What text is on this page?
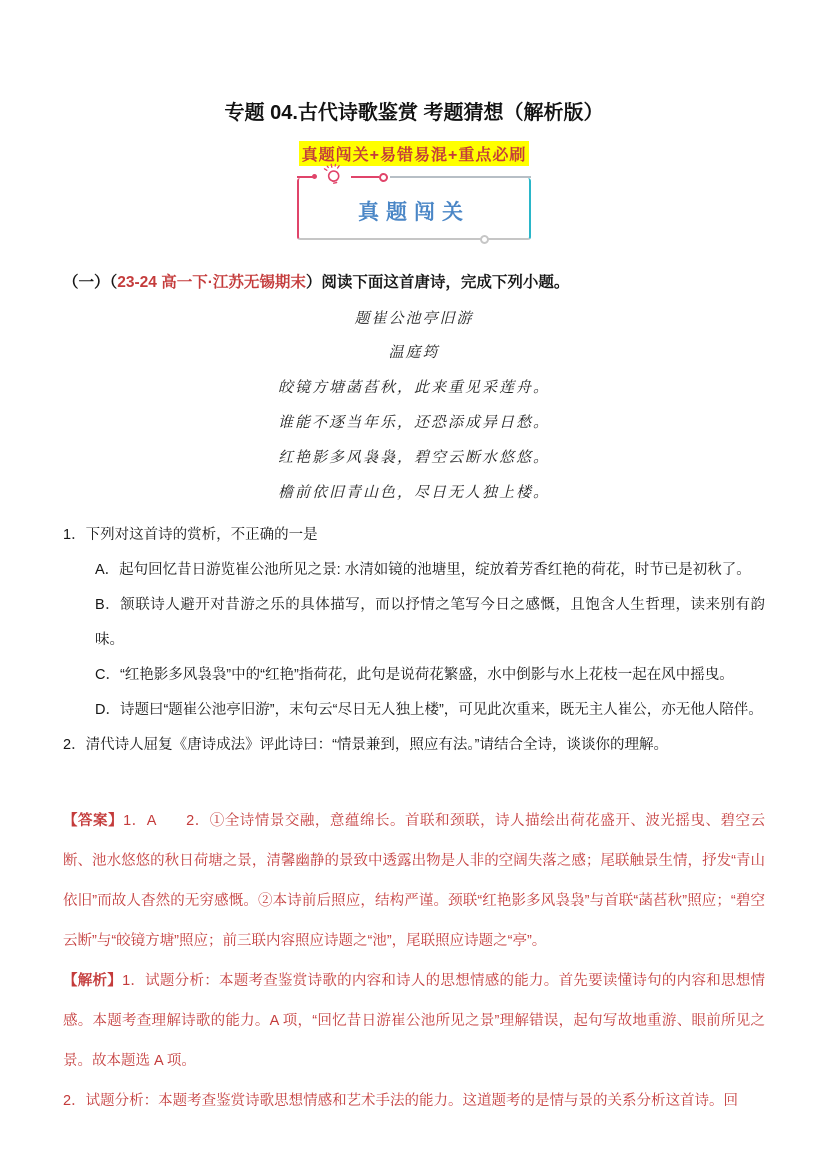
专题 04.古代诗歌鉴赏 考题猜想（解析版）
真题闯关+易错易混+重点必刷
真题闯关

（一）（23-24 高一下·江苏无锡期末）阅读下面这首唐诗，完成下列小题。

题崔公池亭旧游
温庭筠
皎镜方塘菡萏秋，此来重见采莲舟。
谁能不逐当年乐，还恐添成异日愁。
红艳影多风袅袅，碧空云断水悠悠。
檐前依旧青山色，尽日无人独上楼。
1．下列对这首诗的赏析，不正确的一是
A．起句回忆昔日游览崔公池所见之景: 水清如镜的池塘里，绽放着芳香红艳的荷花，时节已是初秋了。
B．颔联诗人避开对昔游之乐的具体描写，而以抒情之笔写今日之感慨，且饱含人生哲理，读来别有韵味。
C．“红艳影多风袅袅”中的“红艳”指荷花，此句是说荷花繁盛，水中倒影与水上花枝一起在风中摇曳。
D．诗题曰“题崔公池亭旧游”，末句云“尽日无人独上楼”，可见此次重来，既无主人崔公，亦无他人陪伴。
2．清代诗人屈复《唐诗成法》评此诗曰：“情景兼到，照应有法。”请结合全诗，谈谈你的理解。

【答案】1．A　　2．①全诗情景交融，意蕴绵长。首联和颈联，诗人描绘出荷花盛开、波光摇曳、碧空云断、池水悠悠的秋日荷塘之景，清馨幽静的景致中透露出物是人非的空阔失落之感；尾联触景生情，抒发“青山依旧”而故人杳然的无穷感慨。②本诗前后照应，结构严谨。颈联“红艳影多风袅袅”与首联“菡萏秋”照应；“碧空云断”与“皎镜方塘”照应；前三联内容照应诗题之“池”，尾联照应诗题之“亭”。

【解析】1．试题分析：本题考查鉴赏诗歌的内容和诗人的思想情感的能力。首先要读懂诗句的内容和思想情感。本题考查理解诗歌的能力。A 项，“回忆昔日游崔公池所见之景”理解错误，起句写故地重游、眼前所见之景。故本题选 A 项。

2．试题分析：本题考查鉴赏诗歌思想情感和艺术手法的能力。这道题考的是情与景的关系分析这首诗。回
